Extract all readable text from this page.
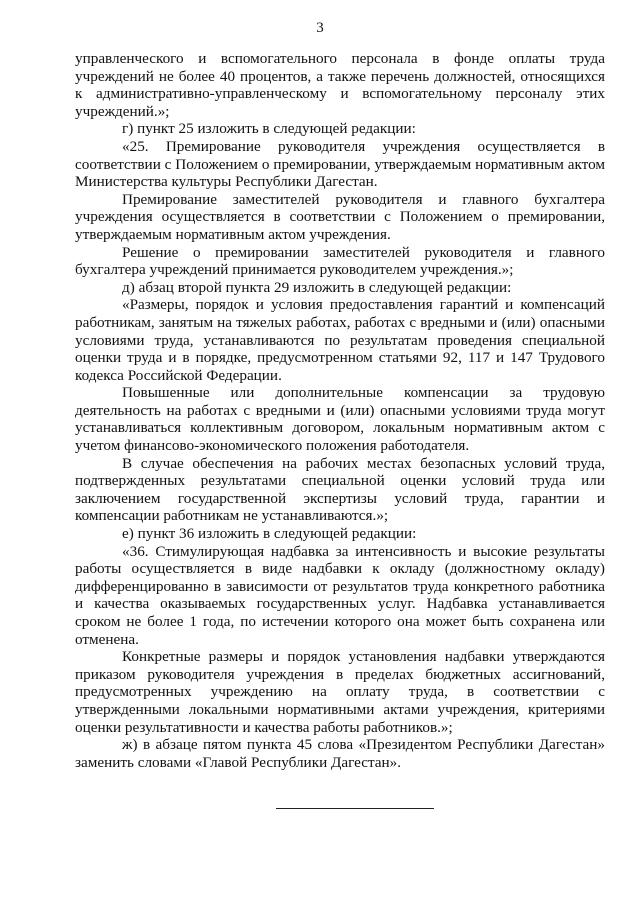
3

управленческого и вспомогательного персонала в фонде оплаты труда учреждений не более 40 процентов, а также перечень должностей, относящихся к административно-управленческому и вспомогательному персоналу этих учреждений.»;

г) пункт 25 изложить в следующей редакции:

«25. Премирование руководителя учреждения осуществляется в соответствии с Положением о премировании, утверждаемым нормативным актом Министерства культуры Республики Дагестан.

Премирование заместителей руководителя и главного бухгалтера учреждения осуществляется в соответствии с Положением о премировании, утверждаемым нормативным актом учреждения.

Решение о премировании заместителей руководителя и главного бухгалтера учреждений принимается руководителем учреждения.»;

д) абзац второй пункта 29 изложить в следующей редакции:

«Размеры, порядок и условия предоставления гарантий и компенсаций работникам, занятым на тяжелых работах, работах с вредными и (или) опасными условиями труда, устанавливаются по результатам проведения специальной оценки труда и в порядке, предусмотренном статьями 92, 117 и 147 Трудового кодекса Российской Федерации.

Повышенные или дополнительные компенсации за трудовую деятельность на работах с вредными и (или) опасными условиями труда могут устанавливаться коллективным договором, локальным нормативным актом с учетом финансово-экономического положения работодателя.

В случае обеспечения на рабочих местах безопасных условий труда, подтвержденных результатами специальной оценки условий труда или заключением государственной экспертизы условий труда, гарантии и компенсации работникам не устанавливаются.»;

е) пункт 36 изложить в следующей редакции:

«36. Стимулирующая надбавка за интенсивность и высокие результаты работы осуществляется в виде надбавки к окладу (должностному окладу) дифференцированно в зависимости от результатов труда конкретного работника и качества оказываемых государственных услуг. Надбавка устанавливается сроком не более 1 года, по истечении которого она может быть сохранена или отменена.

Конкретные размеры и порядок установления надбавки утверждаются приказом руководителя учреждения в пределах бюджетных ассигнований, предусмотренных учреждению на оплату труда, в соответствии с утвержденными локальными нормативными актами учреждения, критериями оценки результативности и качества работы работников.»;

ж) в абзаце пятом пункта 45 слова «Президентом Республики Дагестан» заменить словами «Главой Республики Дагестан».
